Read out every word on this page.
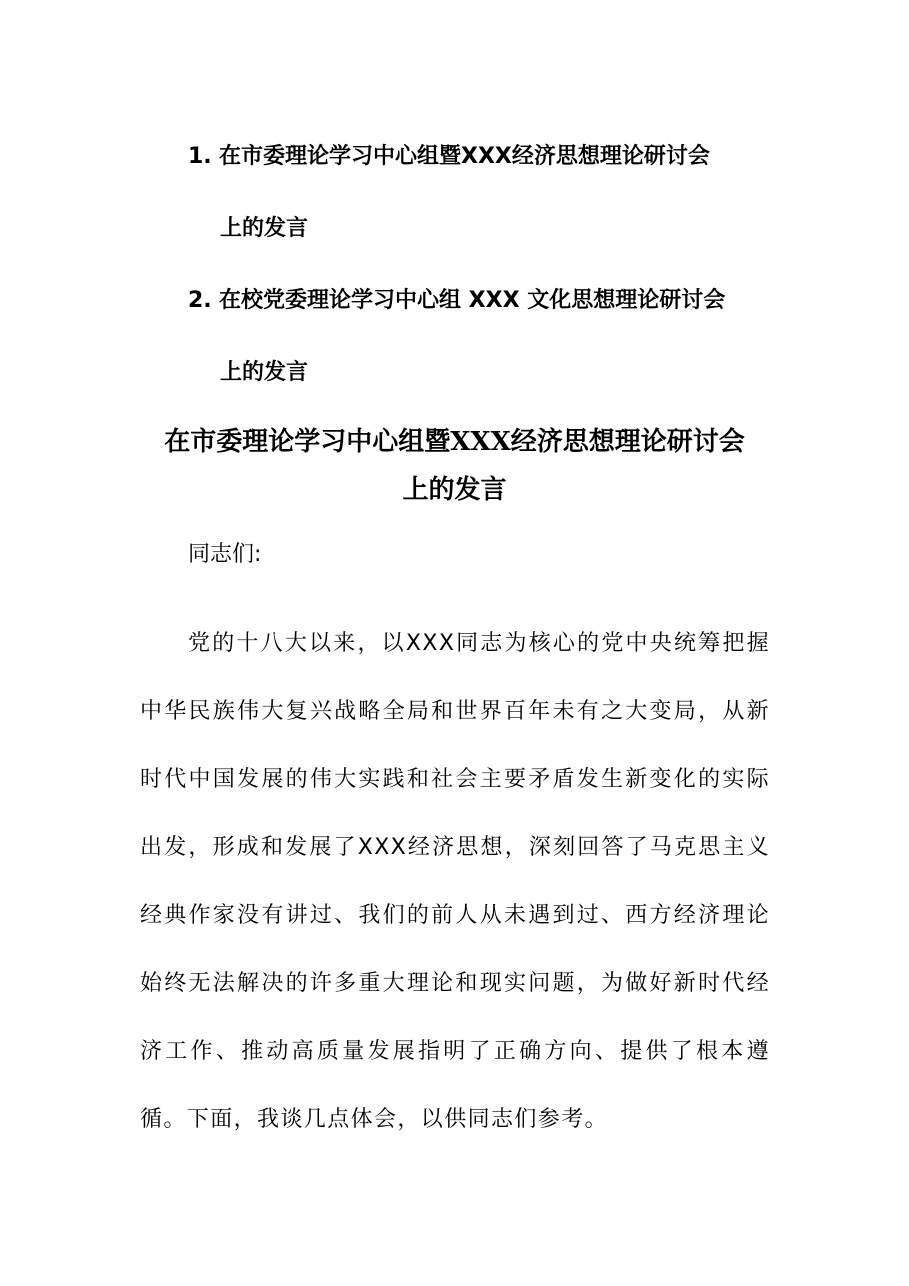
1. 在市委理论学习中心组暨XXX经济思想理论研讨会
上的发言
2. 在校党委理论学习中心组 XXX 文化思想理论研讨会
上的发言
在市委理论学习中心组暨XXX经济思想理论研讨会
上的发言
同志们:
党的十八大以来，以XXX同志为核心的党中央统筹把握中华民族伟大复兴战略全局和世界百年未有之大变局，从新时代中国发展的伟大实践和社会主要矛盾发生新变化的实际出发，形成和发展了XXX经济思想，深刻回答了马克思主义经典作家没有讲过、我们的前人从未遇到过、西方经济理论始终无法解决的许多重大理论和现实问题，为做好新时代经济工作、推动高质量发展指明了正确方向、提供了根本遵循。下面，我谈几点体会，以供同志们参考。
